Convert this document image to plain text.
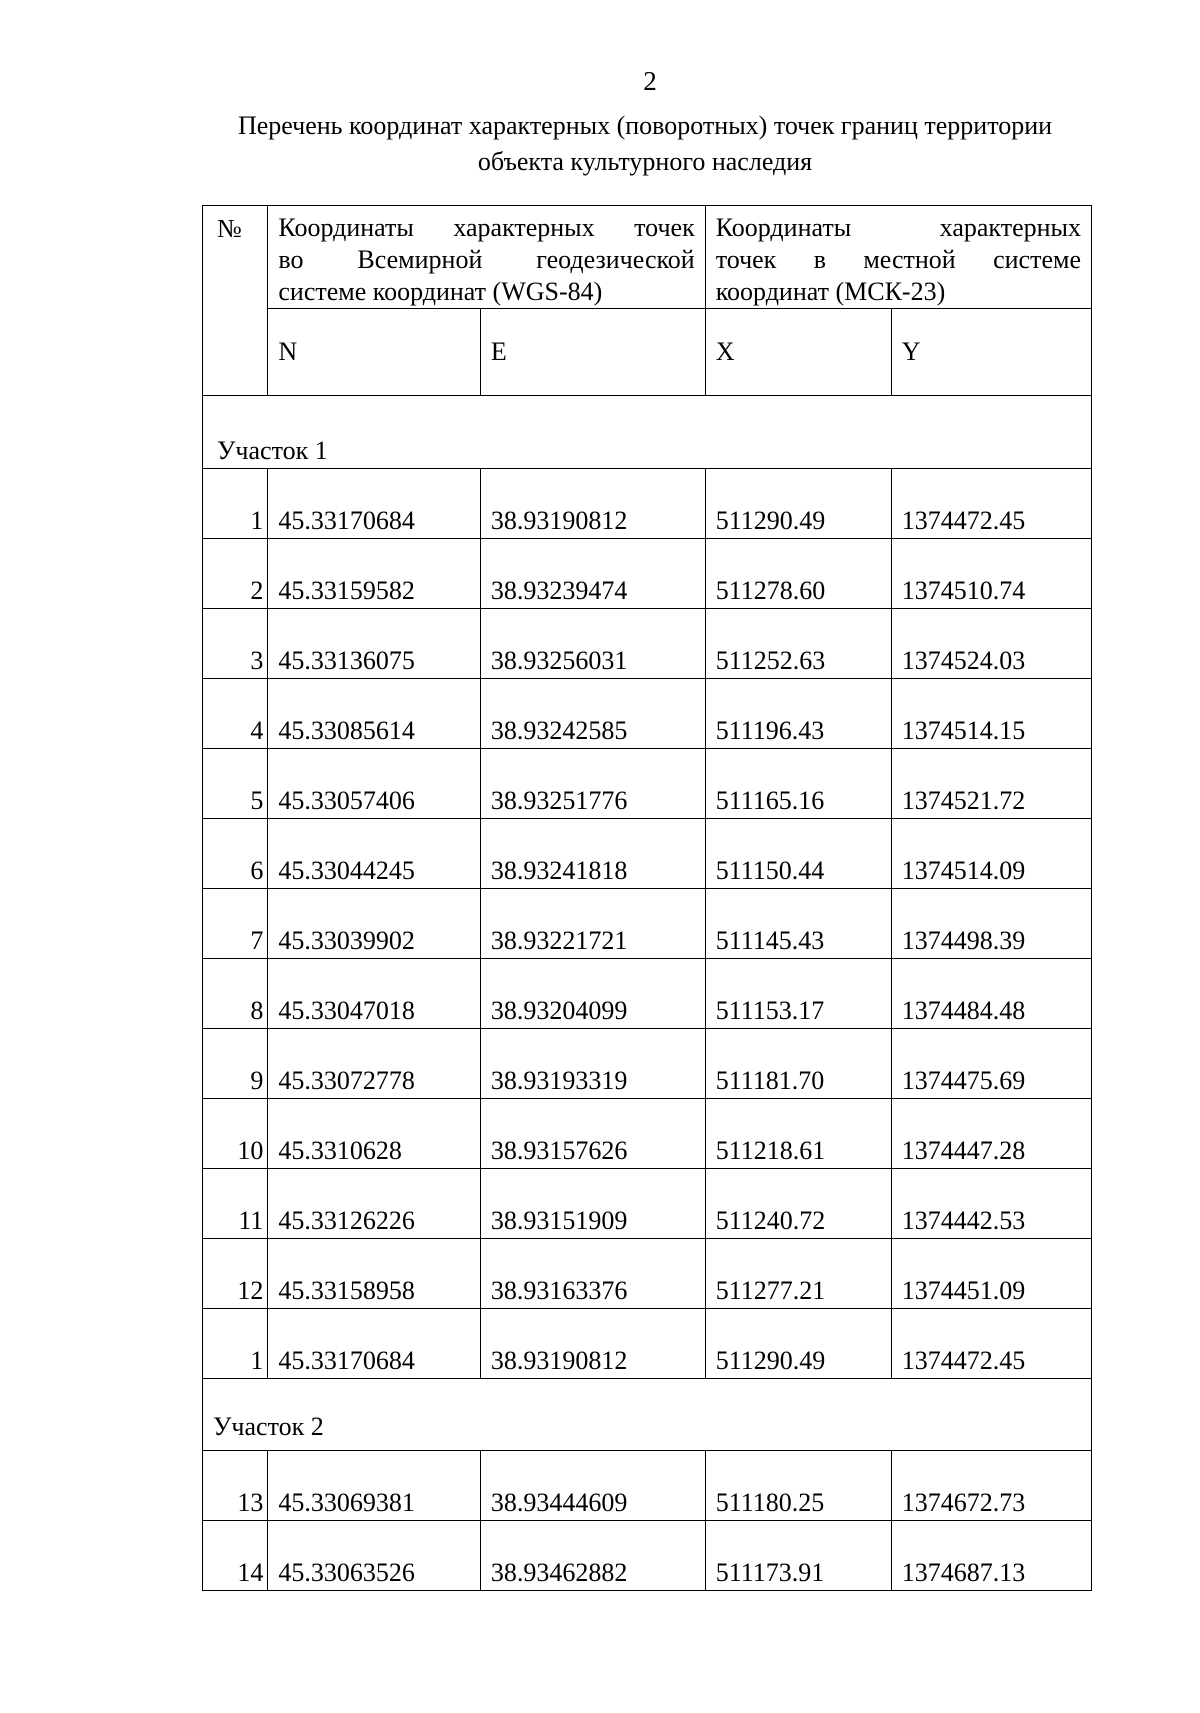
2
Перечень координат характерных (поворотных) точек границ территории
объекта культурного наследия
№	Координаты характерных точек
во Всемирной геодезической
системе координат (WGS-84)		Координаты характерных
точек в местной системе
координат (МСК-23)	

	N	E	X	Y
Участок 1				
1	45.33170684	38.93190812	511290.49	1374472.45
2	45.33159582	38.93239474	511278.60	1374510.74
3	45.33136075	38.93256031	511252.63	1374524.03
4	45.33085614	38.93242585	511196.43	1374514.15
5	45.33057406	38.93251776	511165.16	1374521.72
6	45.33044245	38.93241818	511150.44	1374514.09
7	45.33039902	38.93221721	511145.43	1374498.39
8	45.33047018	38.93204099	511153.17	1374484.48
9	45.33072778	38.93193319	511181.70	1374475.69
10	45.3310628	38.93157626	511218.61	1374447.28
11	45.33126226	38.93151909	511240.72	1374442.53
12	45.33158958	38.93163376	511277.21	1374451.09
1	45.33170684	38.93190812	511290.49	1374472.45
Участок 2				
13	45.33069381	38.93444609	511180.25	1374672.73
14	45.33063526	38.93462882	511173.91	1374687.13
